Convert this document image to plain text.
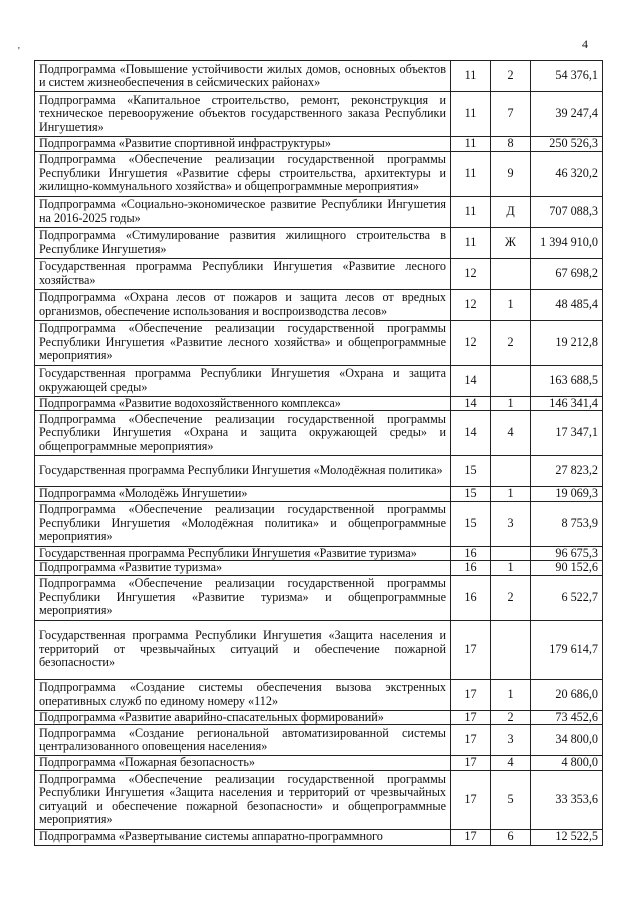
'
4
Подпрограмма «Повышение устойчивости жилых домов, основных объектов и систем жизнеобеспечения в сейсмических районах»	11	2	54 376,1
Подпрограмма «Капитальное строительство, ремонт, реконструкция и техническое перевооружение объектов государственного заказа Республики Ингушетия»	11	7	39 247,4
Подпрограмма «Развитие спортивной инфраструктуры»	11	8	250 526,3
Подпрограмма «Обеспечение реализации государственной программы Республики Ингушетия «Развитие сферы строительства, архитектуры и жилищно-коммунального хозяйства» и общепрограммные мероприятия»	11	9	46 320,2
Подпрограмма «Социально-экономическое развитие Республики Ингушетия на 2016-2025 годы»	11	Д	707 088,3
Подпрограмма «Стимулирование развития жилищного строительства в Республике Ингушетия»	11	Ж	1 394 910,0
Государственная программа Республики Ингушетия «Развитие лесного хозяйства»	12		67 698,2
Подпрограмма «Охрана лесов от пожаров и защита лесов от вредных организмов, обеспечение использования и воспроизводства лесов»	12	1	48 485,4
Подпрограмма «Обеспечение реализации государственной программы Республики Ингушетия «Развитие лесного хозяйства» и общепрограммные мероприятия»	12	2	19 212,8
Государственная программа Республики Ингушетия «Охрана и защита окружающей среды»	14		163 688,5
Подпрограмма «Развитие водохозяйственного комплекса»	14	1	146 341,4
Подпрограмма «Обеспечение реализации государственной программы Республики Ингушетия «Охрана и защита окружающей среды» и общепрограммные мероприятия»	14	4	17 347,1
Государственная программа Республики Ингушетия «Молодёжная политика»	15		27 823,2
Подпрограмма «Молодёжь Ингушетии»	15	1	19 069,3
Подпрограмма «Обеспечение реализации государственной программы Республики Ингушетия «Молодёжная политика» и общепрограммные мероприятия»	15	3	8 753,9
Государственная программа Республики Ингушетия «Развитие туризма»	16		96 675,3
Подпрограмма «Развитие туризма»	16	1	90 152,6
Подпрограмма «Обеспечение реализации государственной программы Республики Ингушетия «Развитие туризма» и общепрограммные мероприятия»	16	2	6 522,7
Государственная программа Республики Ингушетия «Защита населения и территорий от чрезвычайных ситуаций и обеспечение пожарной безопасности»	17		179 614,7
Подпрограмма «Создание системы обеспечения вызова экстренных оперативных служб по единому номеру «112»	17	1	20 686,0
Подпрограмма «Развитие аварийно-спасательных формирований»	17	2	73 452,6
Подпрограмма «Создание региональной автоматизированной системы централизованного оповещения населения»	17	3	34 800,0
Подпрограмма «Пожарная безопасность»	17	4	4 800,0
Подпрограмма «Обеспечение реализации государственной программы Республики Ингушетия «Защита населения и территорий от чрезвычайных ситуаций и обеспечение пожарной безопасности» и общепрограммные мероприятия»	17	5	33 353,6
Подпрограмма «Развертывание системы аппаратно-программного	17	6	12 522,5
